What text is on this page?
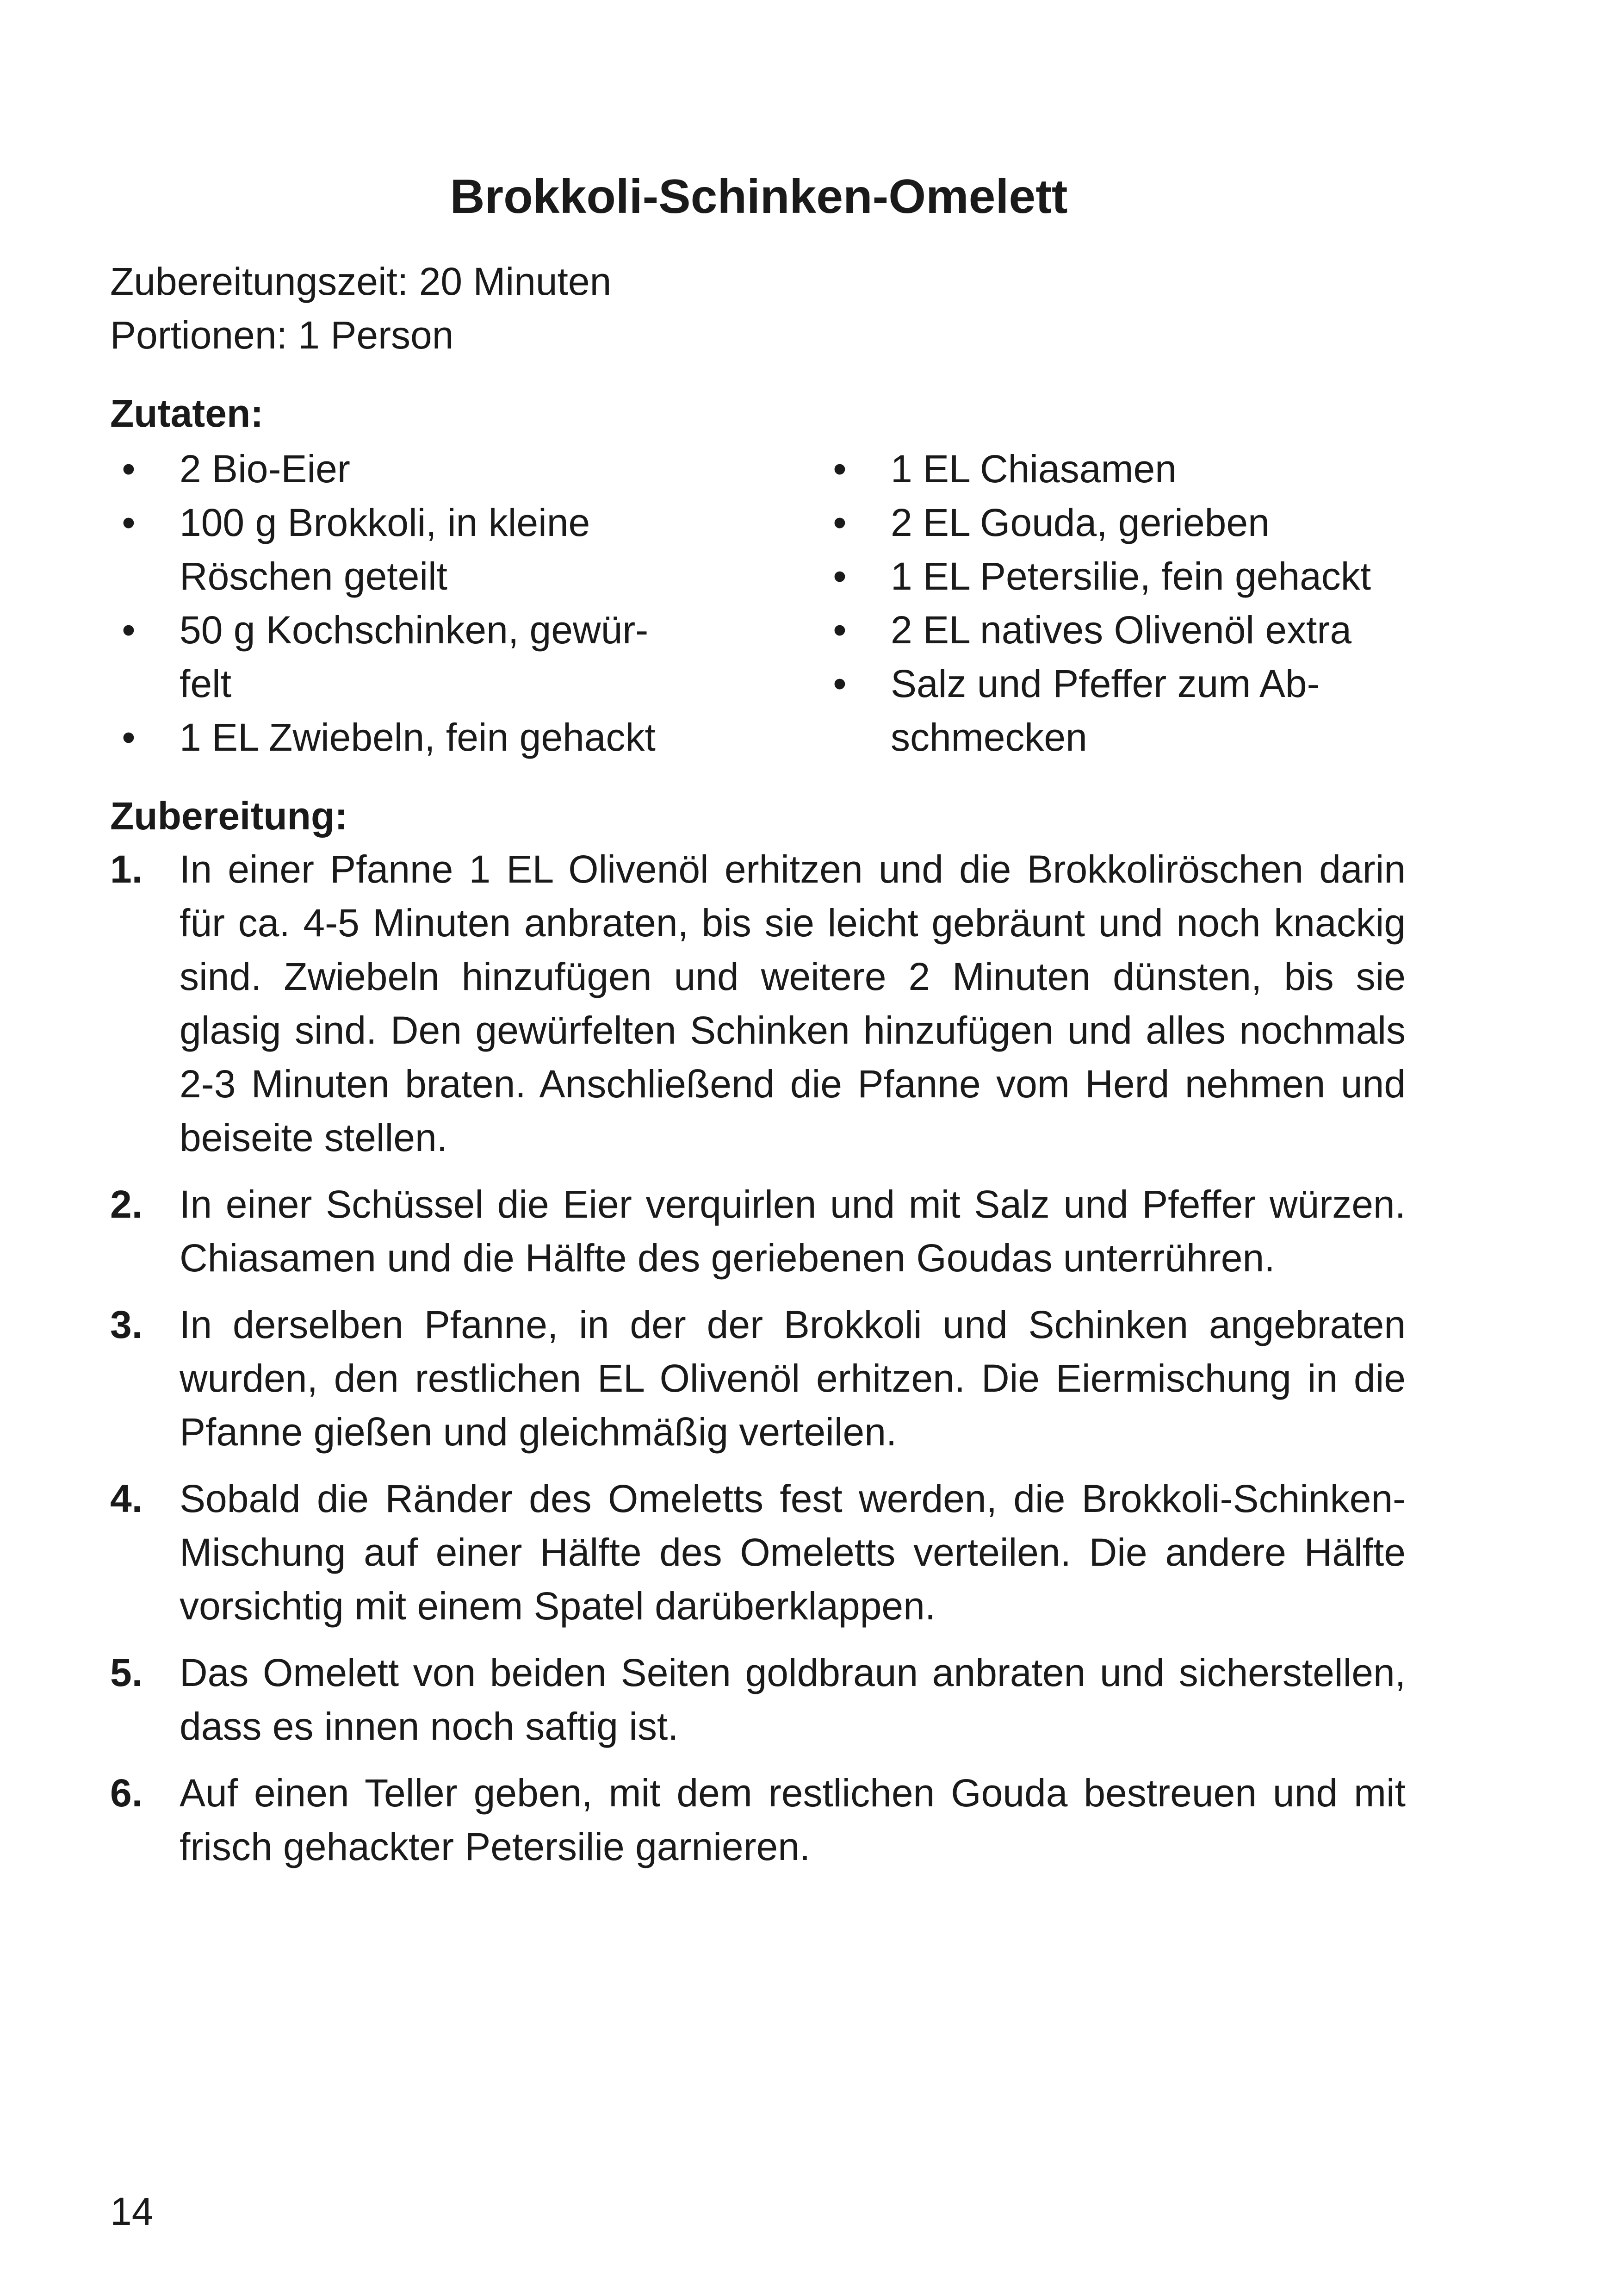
Brokkoli-Schinken-Omelett
Zubereitungszeit: 20 Minuten
Portionen: 1 Person
Zutaten:
• 2 Bio-Eier
• 100 g Brokkoli, in kleine Röschen geteilt
• 50 g Kochschinken, gewür-felt
• 1 EL Zwiebeln, fein gehackt
• 1 EL Chiasamen
• 2 EL Gouda, gerieben
• 1 EL Petersilie, fein gehackt
• 2 EL natives Olivenöl extra
• Salz und Pfeffer zum Ab-schmecken
Zubereitung:
1. In einer Pfanne 1 EL Olivenöl erhitzen und die Brokkoliröschen darin für ca. 4-5 Minuten anbraten, bis sie leicht gebräunt und noch knackig sind. Zwiebeln hinzufügen und weitere 2 Minuten dünsten, bis sie glasig sind. Den gewürfelten Schinken hinzufügen und alles nochmals 2-3 Minuten braten. Anschließend die Pfanne vom Herd nehmen und beiseite stellen.
2. In einer Schüssel die Eier verquirlen und mit Salz und Pfeffer würzen. Chiasamen und die Hälfte des geriebenen Goudas unterrühren.
3. In derselben Pfanne, in der der Brokkoli und Schinken angebraten wurden, den restlichen EL Olivenöl erhitzen. Die Eiermischung in die Pfanne gießen und gleichmäßig verteilen.
4. Sobald die Ränder des Omeletts fest werden, die Brokkoli-Schinken-Mischung auf einer Hälfte des Omeletts verteilen. Die andere Hälfte vorsichtig mit einem Spatel darüberklappen.
5. Das Omelett von beiden Seiten goldbraun anbraten und sicherstellen, dass es innen noch saftig ist.
6. Auf einen Teller geben, mit dem restlichen Gouda bestreuen und mit frisch gehackter Petersilie garnieren.
14
